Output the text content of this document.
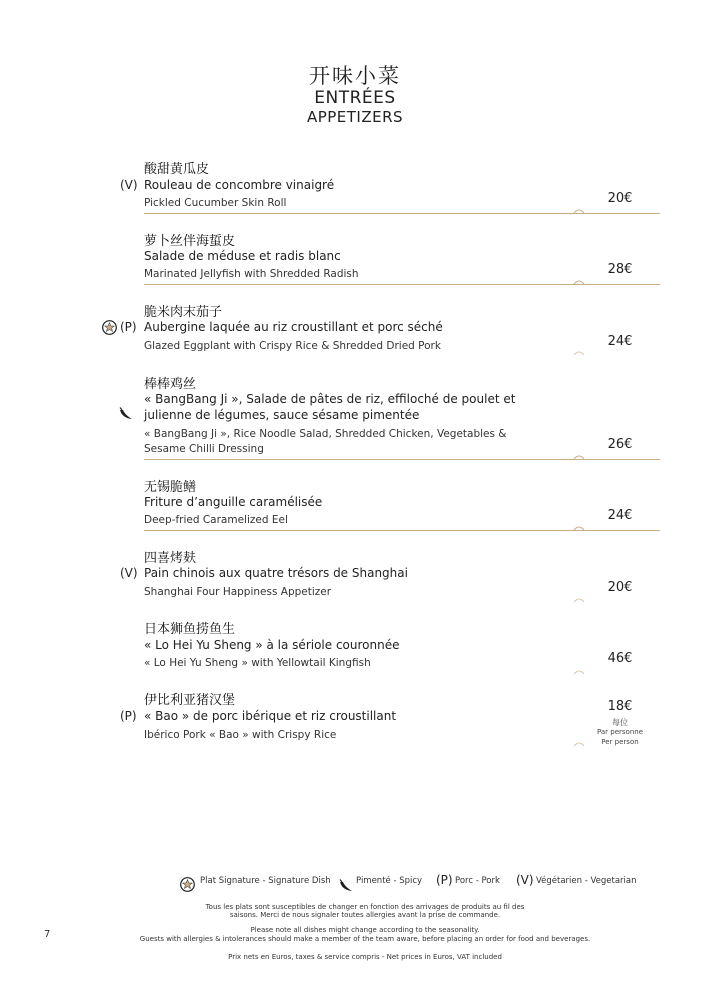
开味小菜
ENTRÉES
APPETIZERS
酸甜黄瓜皮
(V) Rouleau de concombre vinaigré
Pickled Cucumber Skin Roll	20€
萝卜丝伴海蜇皮
Salade de méduse et radis blanc
Marinated Jellyfish with Shredded Radish	28€
脆米肉末茄子
(P) Aubergine laquée au riz croustillant et porc séché
Glazed Eggplant with Crispy Rice & Shredded Dried Pork	24€
棒棒鸡丝
« BangBang Ji », Salade de pâtes de riz, effiloché de poulet et
julienne de légumes, sauce sésame pimentée
« BangBang Ji », Rice Noodle Salad, Shredded Chicken, Vegetables &
Sesame Chilli Dressing	26€
无锡脆鳝
Friture d’anguille caramélisée
Deep-fried Caramelized Eel	24€
四喜烤麸
(V) Pain chinois aux quatre trésors de Shanghai
Shanghai Four Happiness Appetizer	20€
日本狮鱼捞鱼生
« Lo Hei Yu Sheng » à la sériole couronnée
« Lo Hei Yu Sheng » with Yellowtail Kingfish	46€
伊比利亚猪汉堡
(P) « Bao » de porc ibérique et riz croustillant
Ibérico Pork « Bao » with Crispy Rice
18€
每位
Par personne
Per person
Plat Signature - Signature Dish	Pimenté - Spicy (P) Porc - Pork (V) Végétarien - Vegetarian
Tous les plats sont susceptibles de changer en fonction des arrivages de produits au fil des
saisons. Merci de nous signaler toutes allergies avant la prise de commande.
Please note all dishes might change according to the seasonality.
Guests with allergies & intolerances should make a member of the team aware, before placing an order for food and beverages.
Prix nets en Euros, taxes & service compris - Net prices in Euros, VAT included
7
